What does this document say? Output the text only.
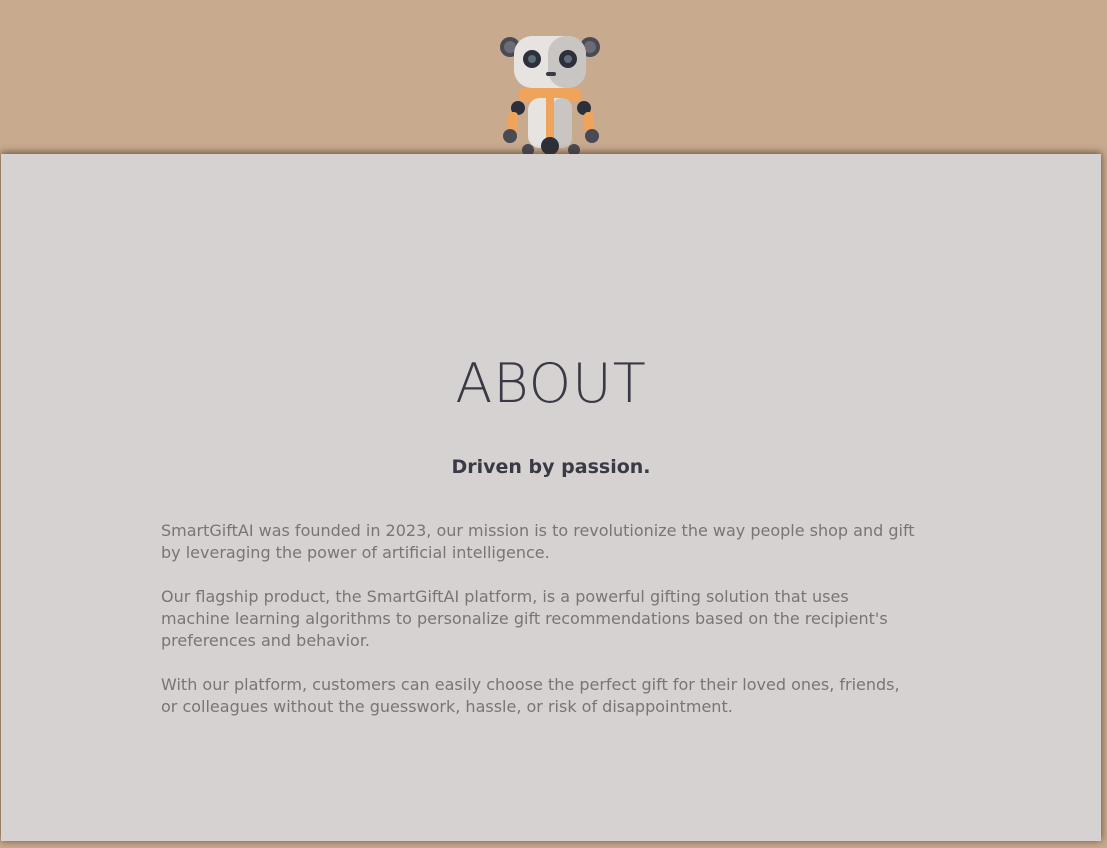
ABOUT
Driven by passion.

SmartGiftAI was founded in 2023, our mission is to revolutionize the way people shop and gift by leveraging the power of artificial intelligence.

Our flagship product, the SmartGiftAI platform, is a powerful gifting solution that uses machine learning algorithms to personalize gift recommendations based on the recipient's preferences and behavior.

With our platform, customers can easily choose the perfect gift for their loved ones, friends, or colleagues without the guesswork, hassle, or risk of disappointment.
